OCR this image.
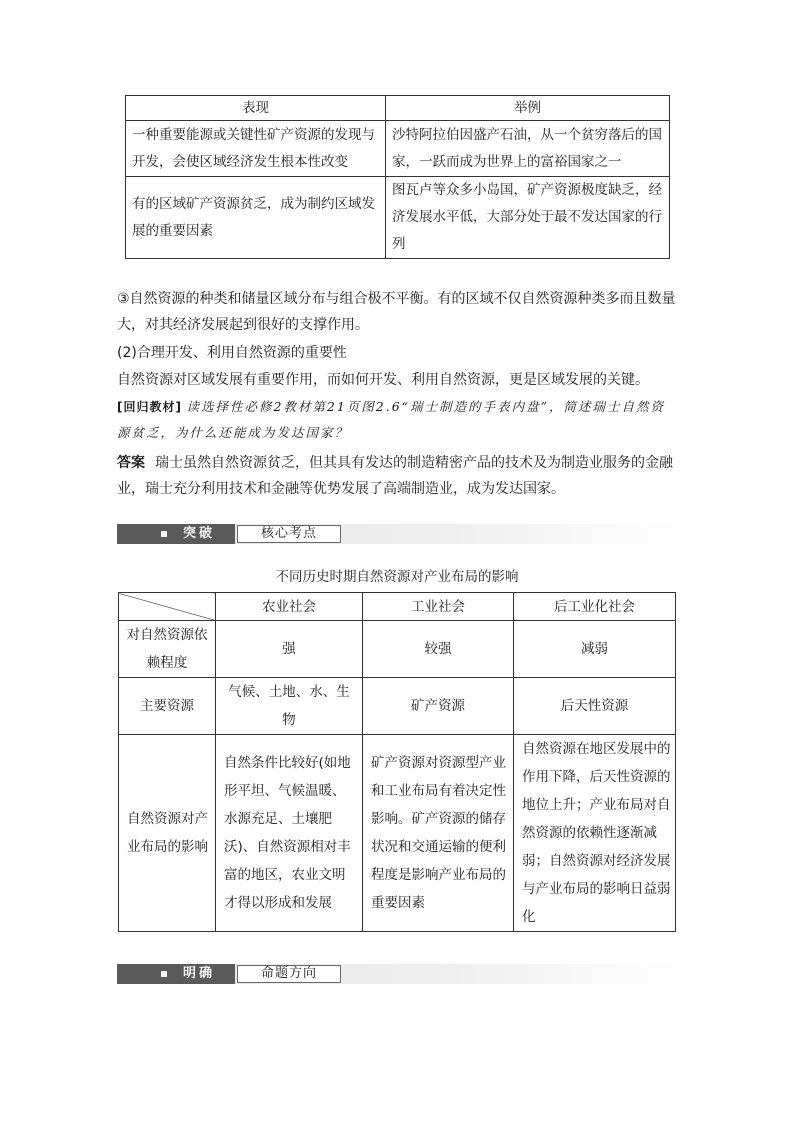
表现	举例
一种重要能源或关键性矿产资源的发现与开发，会使区域经济发生根本性改变	沙特阿拉伯因盛产石油，从一个贫穷落后的国家，一跃而成为世界上的富裕国家之一
有的区域矿产资源贫乏，成为制约区域发展的重要因素	图瓦卢等众多小岛国，矿产资源极度缺乏，经济发展水平低，大部分处于最不发达国家的行列
③自然资源的种类和储量区域分布与组合极不平衡。有的区域不仅自然资源种类多而且数量大，对其经济发展起到很好的支撑作用。
(2)合理开发、利用自然资源的重要性
自然资源对区域发展有重要作用，而如何开发、利用自然资源，更是区域发展的关键。
[回归教材] 读选择性必修2教材第21页图2.6“瑞士制造的手表内盘”，简述瑞士自然资源贫乏，为什么还能成为发达国家？
答案 瑞士虽然自然资源贫乏，但其具有发达的制造精密产品的技术及为制造业服务的金融业，瑞士充分利用技术和金融等优势发展了高端制造业，成为发达国家。
突破	核心考点
不同历史时期自然资源对产业布局的影响
	农业社会	工业社会	后工业化社会
对自然资源依赖程度	强	较强	减弱
主要资源	气候、土地、水、生物	矿产资源	后天性资源
自然资源对产业布局的影响	自然条件比较好(如地形平坦、气候温暖、水源充足、土壤肥沃)、自然资源相对丰富的地区，农业文明才得以形成和发展	矿产资源对资源型产业和工业布局有着决定性影响。矿产资源的储存状况和交通运输的便利程度是影响产业布局的重要因素	自然资源在地区发展中的作用下降，后天性资源的地位上升；产业布局对自然资源的依赖性逐渐减弱；自然资源对经济发展与产业布局的影响日益弱化
明确	命题方向
